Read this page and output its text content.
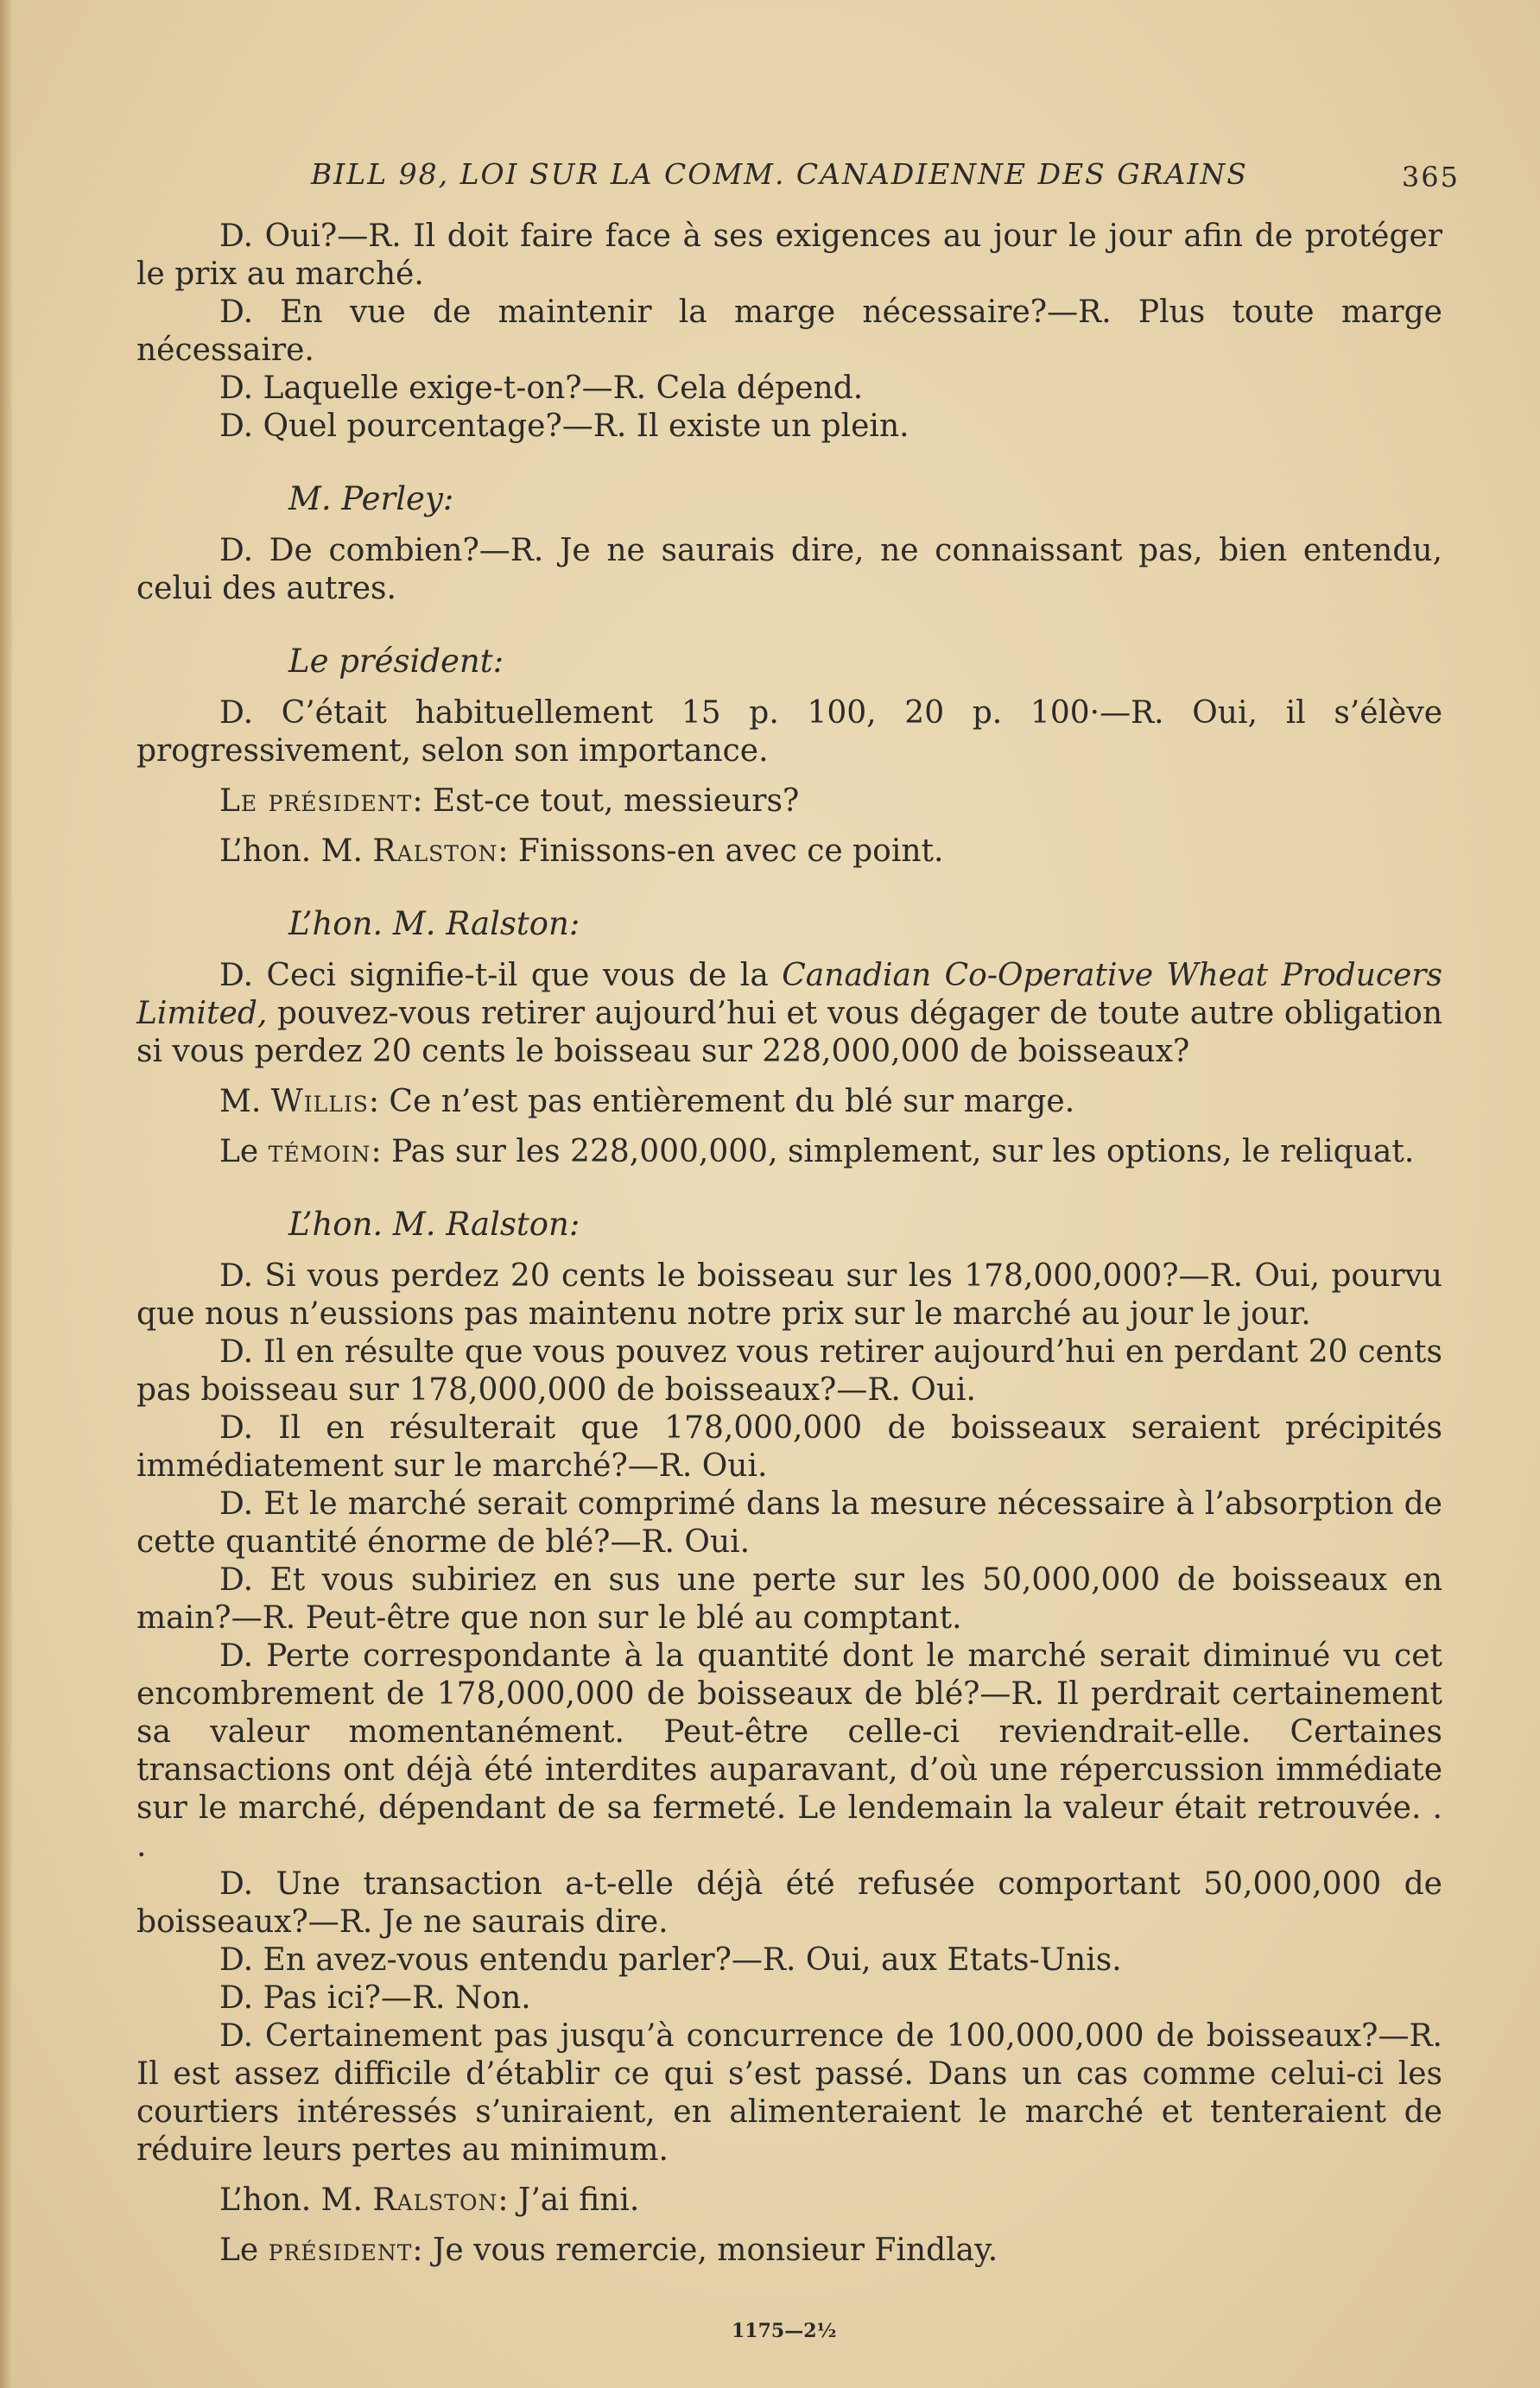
BILL 98, LOI SUR LA COMM. CANADIENNE DES GRAINS	365

D. Oui?—R. Il doit faire face à ses exigences au jour le jour afin de protéger le prix au marché.

D. En vue de maintenir la marge nécessaire?—R. Plus toute marge nécessaire.

D. Laquelle exige-t-on?—R. Cela dépend.

D. Quel pourcentage?—R. Il existe un plein.

M. Perley:

D. De combien?—R. Je ne saurais dire, ne connaissant pas, bien entendu, celui des autres.

Le président:

D. C’était habituellement 15 p. 100, 20 p. 100·—R. Oui, il s’élève progressivement, selon son importance.

Le président: Est-ce tout, messieurs?

L’hon. M. Ralston: Finissons-en avec ce point.

L’hon. M. Ralston:

D. Ceci signifie-t-il que vous de la Canadian Co-Operative Wheat Producers Limited, pouvez-vous retirer aujourd’hui et vous dégager de toute autre obligation si vous perdez 20 cents le boisseau sur 228,000,000 de boisseaux?

M. Willis: Ce n’est pas entièrement du blé sur marge.

Le témoin: Pas sur les 228,000,000, simplement, sur les options, le reliquat.

L’hon. M. Ralston:

D. Si vous perdez 20 cents le boisseau sur les 178,000,000?—R. Oui, pourvu que nous n’eussions pas maintenu notre prix sur le marché au jour le jour.

D. Il en résulte que vous pouvez vous retirer aujourd’hui en perdant 20 cents pas boisseau sur 178,000,000 de boisseaux?—R. Oui.

D. Il en résulterait que 178,000,000 de boisseaux seraient précipités immédiatement sur le marché?—R. Oui.

D. Et le marché serait comprimé dans la mesure nécessaire à l’absorption de cette quantité énorme de blé?—R. Oui.

D. Et vous subiriez en sus une perte sur les 50,000,000 de boisseaux en main?—R. Peut-être que non sur le blé au comptant.

D. Perte correspondante à la quantité dont le marché serait diminué vu cet encombrement de 178,000,000 de boisseaux de blé?—R. Il perdrait certainement sa valeur momentanément. Peut-être celle-ci reviendrait-elle. Certaines transactions ont déjà été interdites auparavant, d’où une répercussion immédiate sur le marché, dépendant de sa fermeté. Le lendemain la valeur était retrouvée. . .

D. Une transaction a-t-elle déjà été refusée comportant 50,000,000 de boisseaux?—R. Je ne saurais dire.

D. En avez-vous entendu parler?—R. Oui, aux Etats-Unis.

D. Pas ici?—R. Non.

D. Certainement pas jusqu’à concurrence de 100,000,000 de boisseaux?—R. Il est assez difficile d’établir ce qui s’est passé. Dans un cas comme celui-ci les courtiers intéressés s’uniraient, en alimenteraient le marché et tenteraient de réduire leurs pertes au minimum.

L’hon. M. Ralston: J’ai fini.

Le président: Je vous remercie, monsieur Findlay.

1175—2½
